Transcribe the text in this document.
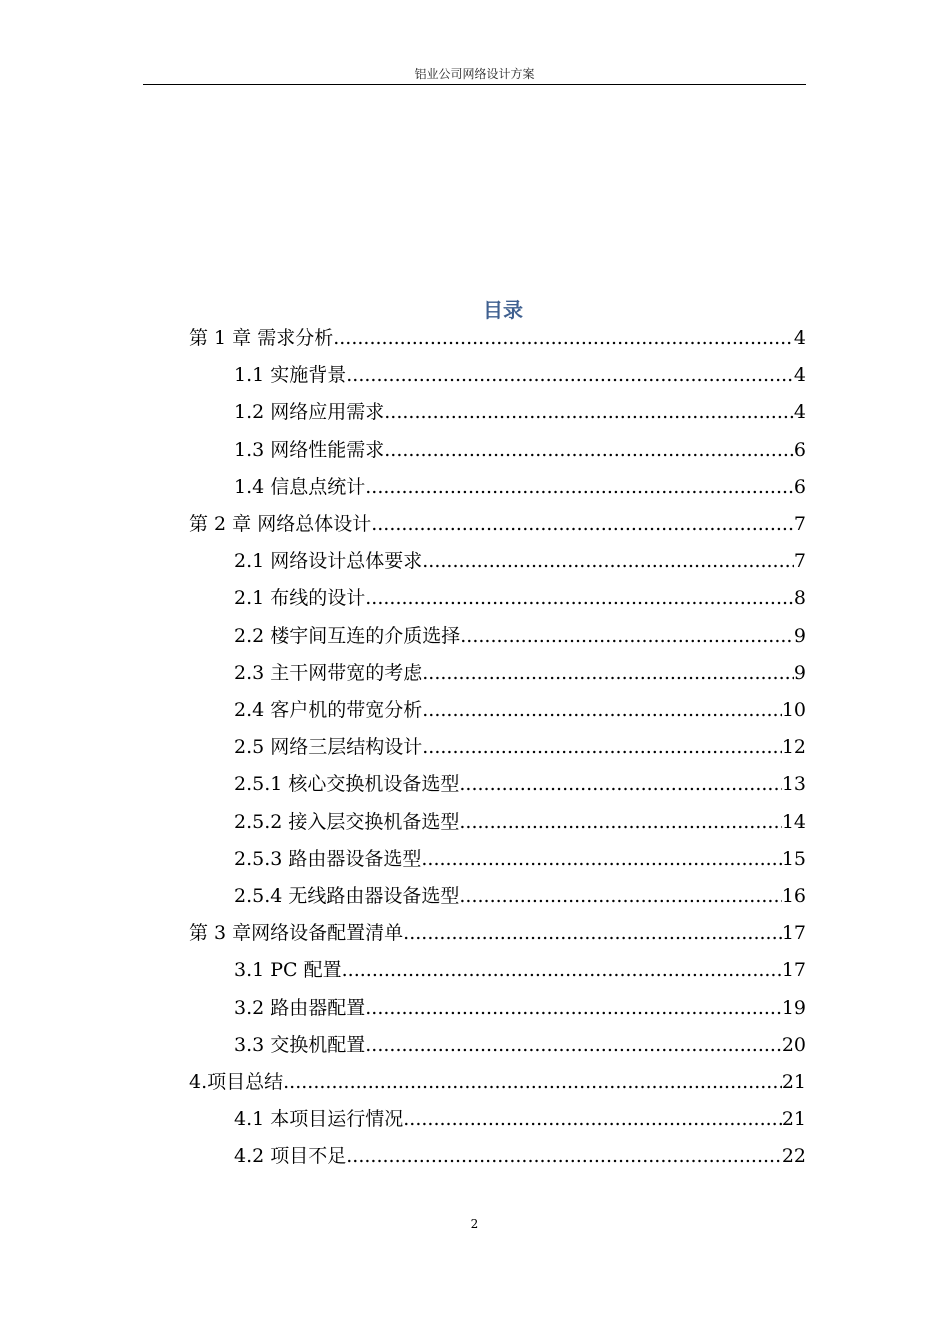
铝业公司网络设计方案
目录
第 1 章 需求分析 .....	4
1.1 实施背景 .....	4
1.2 网络应用需求 .....	4
1.3 网络性能需求 .....	6
1.4 信息点统计 .....	6
第 2 章 网络总体设计 .....	7
2.1 网络设计总体要求 .....	7
2.1 布线的设计 .....	8
2.2 楼宇间互连的介质选择 .....	9
2.3 主干网带宽的考虑 .....	9
2.4 客户机的带宽分析 .....	10
2.5 网络三层结构设计 .....	12
2.5.1 核心交换机设备选型 .....	13
2.5.2 接入层交换机备选型 .....	14
2.5.3 路由器设备选型 .....	15
2.5.4 无线路由器设备选型 .....	16
第 3 章网络设备配置清单 .....	17
3.1 PC 配置 .....	17
3.2 路由器配置 .....	19
3.3 交换机配置 .....	20
4.项目总结 .....	21
4.1 本项目运行情况 .....	21
4.2 项目不足 .....	22
2
